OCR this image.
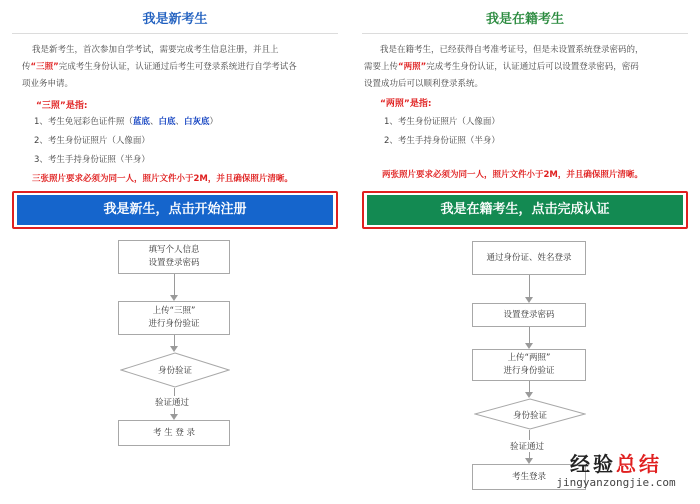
我是新考生

我是新考生，首次参加自学考试，需要完成考生信息注册，并且上

传“三照”完成考生身份认证，认证通过后考生可登录系统进行自学考试各

项业务申请。

“三照”是指:
1、考生免冠彩色证件照（蓝底、白底、白灰底）
2、考生身份证照片（人像面）
3、考生手持身份证照（半身）
三张照片要求必须为同一人，照片文件小于2M，并且确保照片清晰。
我是新生，点击开始注册
填写个人信息
设置登录密码
上传“三照”
进行身份验证
身份验证
验证通过
考 生 登 录
我是在籍考生

我是在籍考生，已经获得自考准考证号，但是未设置系统登录密码的，

需要上传“两照”完成考生身份认证，认证通过后可以设置登录密码，密码

设置成功后可以顺利登录系统。

“两照”是指:
1、考生身份证照片（人像面）
2、考生手持身份证照（半身）
两张照片要求必须为同一人，照片文件小于2M，并且确保照片清晰。
我是在籍考生，点击完成认证
通过身份证、姓名登录
设置登录密码
上传“两照”
进行身份验证
身份验证
验证通过
考生登录
经验总结
jingyanzongjie.com
